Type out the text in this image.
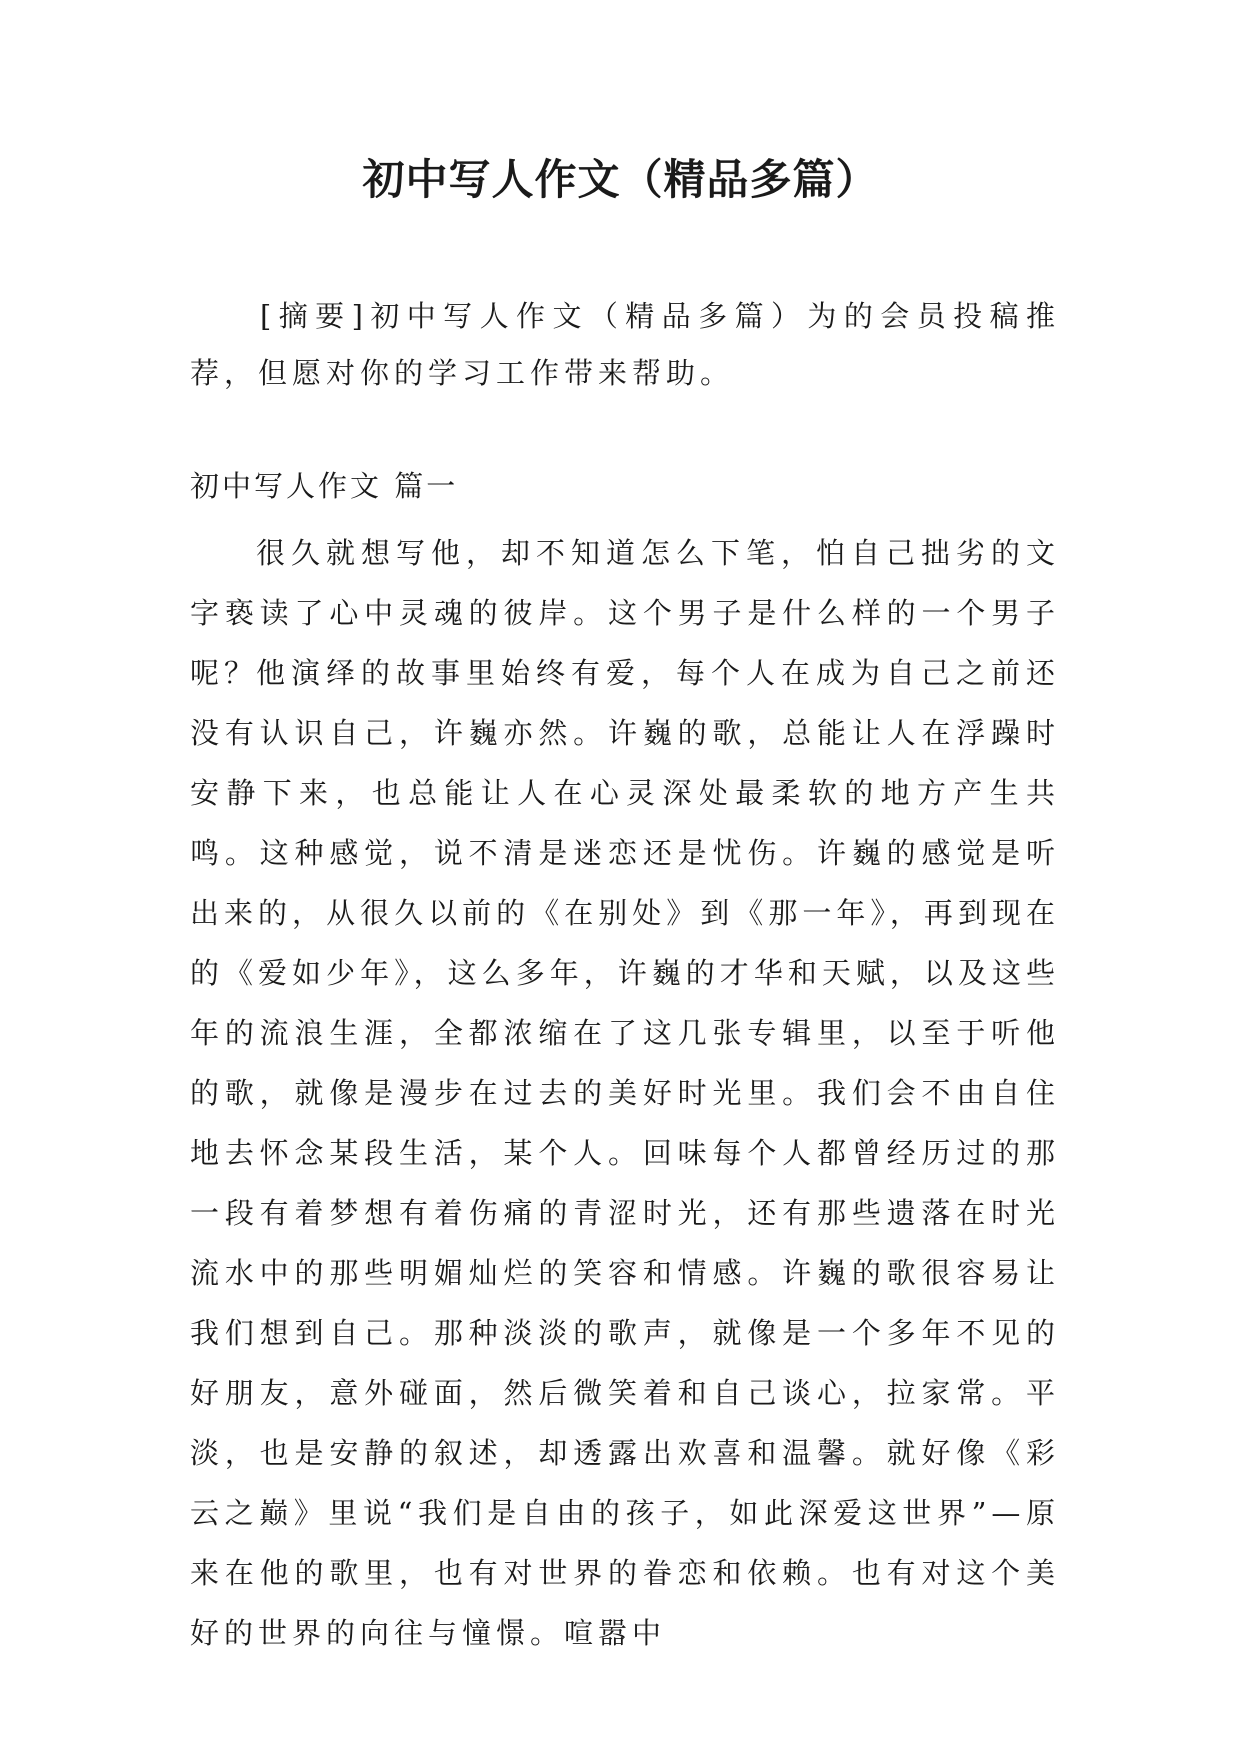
初中写人作文（精品多篇）

[摘要]初中写人作文（精品多篇）为的会员投稿推荐，但愿对你的学习工作带来帮助。

初中写人作文 篇一

很久就想写他，却不知道怎么下笔，怕自己拙劣的文字亵读了心中灵魂的彼岸。这个男子是什么样的一个男子呢？

他演绎的故事里始终有爱，每个人在成为自己之前还没有认识自己，许巍亦然。许巍的歌，总能让人在浮躁时安静下来，也总能让人在心灵深处最柔软的地方产生共鸣。这种感觉，说不清是迷恋还是忧伤。许巍的感觉是听出来的，从很久以前的《在别处》到《那一年》，再到现在的《爱如少年》，这么多年，许巍的才华和天赋，以及这些年的流浪生涯，全都浓缩在了这几张专辑里，以至于听他的歌，就像是漫步在过去的美好时光里。我们会不由自住地去怀念某段生活，某个人。回味每个人都曾经历过的那一段有着梦想有着伤痛的青涩时光，还有那些遗落在时光流水中的那些明媚灿烂的笑容和情感。许巍的歌很容易让我们想到自己。那种淡淡的歌声，就像是一个多年不见的好朋友，意外碰面，然后微笑着和自己谈心，拉家常。平淡，也是安静的叙述，却透露出欢喜和温馨。就好像《彩云之巅》里说“我们是自由的孩子，如此深爱这世界”—原来在他的歌里，也有对世界的眷恋和依赖。也有对这个美好的世界的向往与憧憬。喧嚣中
